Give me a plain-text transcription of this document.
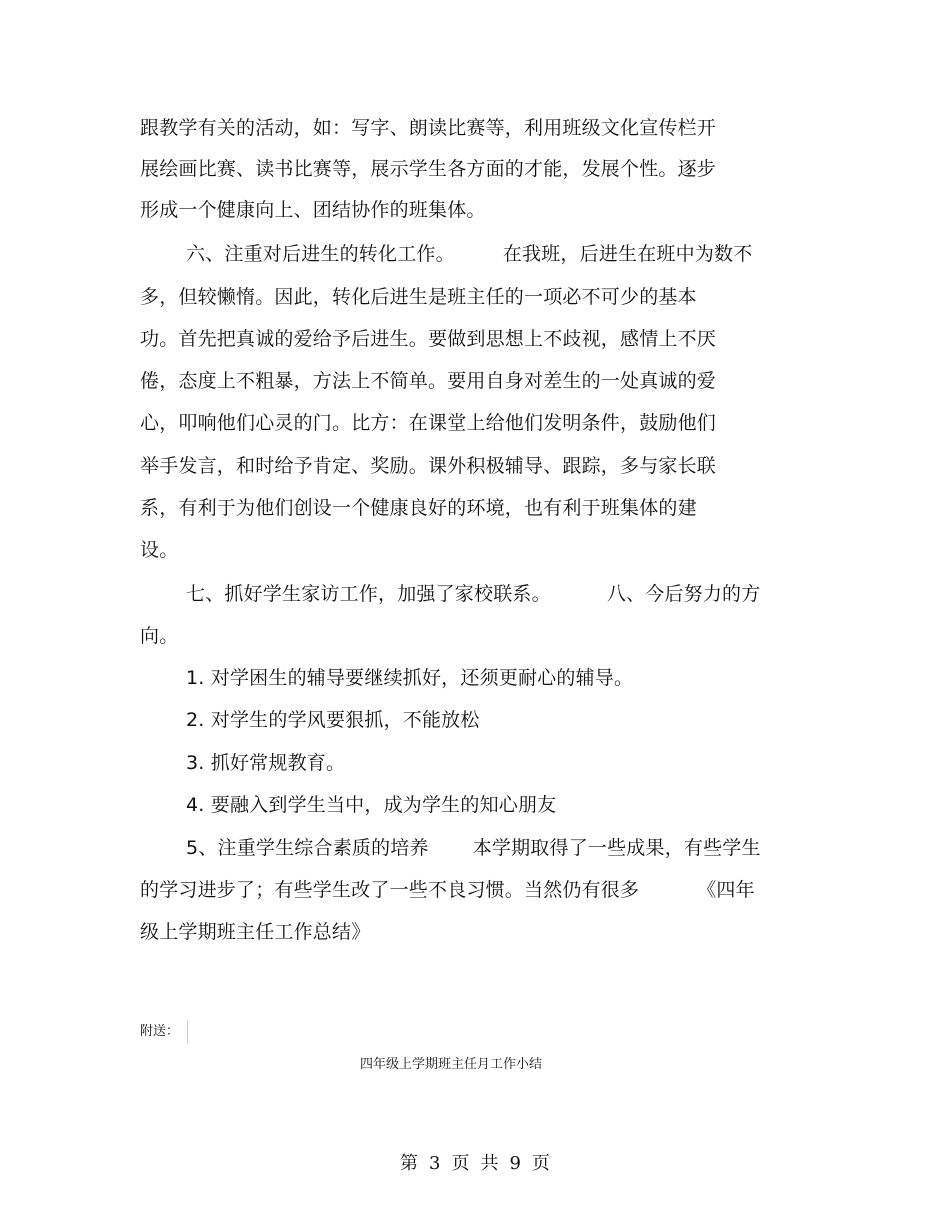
跟教学有关的活动，如：写字、朗读比赛等，利用班级文化宣传栏开
展绘画比赛、读书比赛等，展示学生各方面的才能，发展个性。逐步
形成一个健康向上、团结协作的班集体。
六、注重对后进生的转化工作。	在我班，后进生在班中为数不
多，但较懒惰。因此，转化后进生是班主任的一项必不可少的基本
功。首先把真诚的爱给予后进生。要做到思想上不歧视，感情上不厌
倦，态度上不粗暴，方法上不简单。要用自身对差生的一处真诚的爱
心，叩响他们心灵的门。比方：在课堂上给他们发明条件，鼓励他们
举手发言，和时给予肯定、奖励。课外积极辅导、跟踪，多与家长联
系，有利于为他们创设一个健康良好的环境，也有利于班集体的建
设。
七、抓好学生家访工作，加强了家校联系。	八、今后努力的方
向。
1. 对学困生的辅导要继续抓好，还须更耐心的辅导。
2. 对学生的学风要狠抓，不能放松
3. 抓好常规教育。
4. 要融入到学生当中，成为学生的知心朋友
5、注重学生综合素质的培养 本学期取得了一些成果，有些学生
的学习进步了；有些学生改了一些不良习惯。当然仍有很多	《四年
级上学期班主任工作总结》
附送：
四年级上学期班主任月工作小结
第 3 页 共 9 页
